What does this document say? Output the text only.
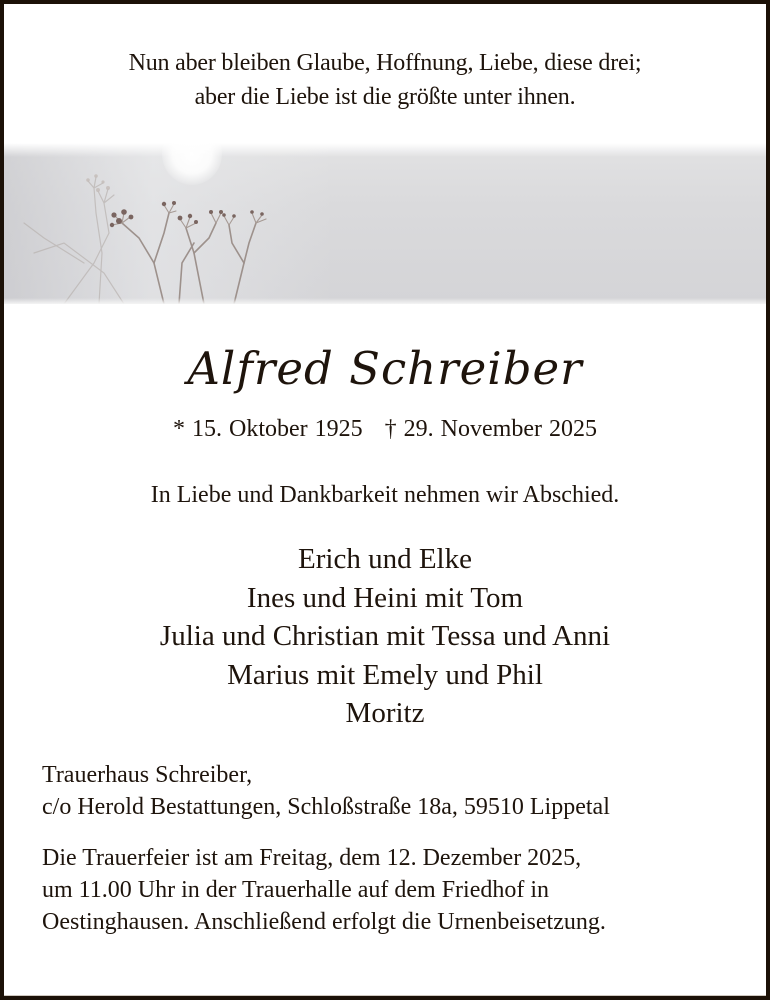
Nun aber bleiben Glaube, Hoffnung, Liebe, diese drei;
aber die Liebe ist die größte unter ihnen.
Alfred Schreiber
* 15. Oktober 1925 † 29. November 2025
In Liebe und Dankbarkeit nehmen wir Abschied.
Erich und Elke
Ines und Heini mit Tom
Julia und Christian mit Tessa und Anni
Marius mit Emely und Phil
Moritz
Trauerhaus Schreiber,
c/o Herold Bestattungen, Schloßstraße 18a, 59510 Lippetal
Die Trauerfeier ist am Freitag, dem 12. Dezember 2025,
um 11.00 Uhr in der Trauerhalle auf dem Friedhof in
Oestinghausen. Anschließend erfolgt die Urnenbeisetzung.
